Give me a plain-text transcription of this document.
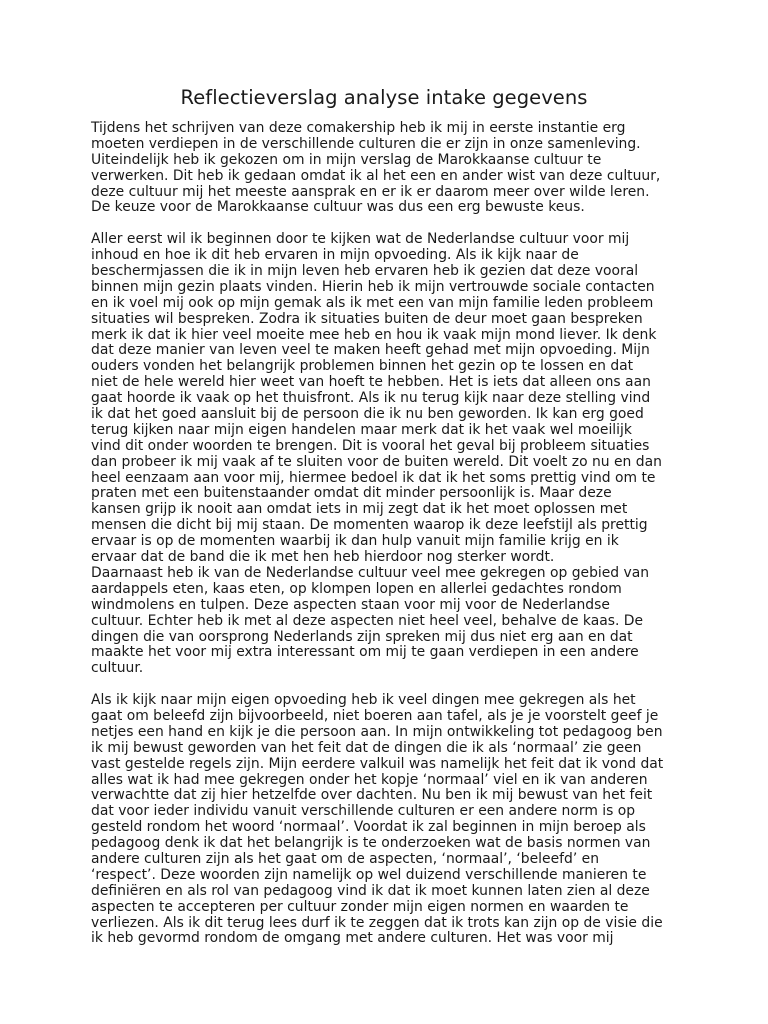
Reflectieverslag analyse intake gegevens

Tijdens het schrijven van deze comakership heb ik mij in eerste instantie erg
moeten verdiepen in de verschillende culturen die er zijn in onze samenleving.
Uiteindelijk heb ik gekozen om in mijn verslag de Marokkaanse cultuur te
verwerken. Dit heb ik gedaan omdat ik al het een en ander wist van deze cultuur,
deze cultuur mij het meeste aansprak en er ik er daarom meer over wilde leren.
De keuze voor de Marokkaanse cultuur was dus een erg bewuste keus.

Aller eerst wil ik beginnen door te kijken wat de Nederlandse cultuur voor mij
inhoud en hoe ik dit heb ervaren in mijn opvoeding. Als ik kijk naar de
beschermjassen die ik in mijn leven heb ervaren heb ik gezien dat deze vooral
binnen mijn gezin plaats vinden. Hierin heb ik mijn vertrouwde sociale contacten
en ik voel mij ook op mijn gemak als ik met een van mijn familie leden probleem
situaties wil bespreken. Zodra ik situaties buiten de deur moet gaan bespreken
merk ik dat ik hier veel moeite mee heb en hou ik vaak mijn mond liever. Ik denk
dat deze manier van leven veel te maken heeft gehad met mijn opvoeding. Mijn
ouders vonden het belangrijk problemen binnen het gezin op te lossen en dat
niet de hele wereld hier weet van hoeft te hebben. Het is iets dat alleen ons aan
gaat hoorde ik vaak op het thuisfront. Als ik nu terug kijk naar deze stelling vind
ik dat het goed aansluit bij de persoon die ik nu ben geworden. Ik kan erg goed
terug kijken naar mijn eigen handelen maar merk dat ik het vaak wel moeilijk
vind dit onder woorden te brengen. Dit is vooral het geval bij probleem situaties
dan probeer ik mij vaak af te sluiten voor de buiten wereld. Dit voelt zo nu en dan
heel eenzaam aan voor mij, hiermee bedoel ik dat ik het soms prettig vind om te
praten met een buitenstaander omdat dit minder persoonlijk is. Maar deze
kansen grijp ik nooit aan omdat iets in mij zegt dat ik het moet oplossen met
mensen die dicht bij mij staan. De momenten waarop ik deze leefstijl als prettig
ervaar is op de momenten waarbij ik dan hulp vanuit mijn familie krijg en ik
ervaar dat de band die ik met hen heb hierdoor nog sterker wordt.

Daarnaast heb ik van de Nederlandse cultuur veel mee gekregen op gebied van
aardappels eten, kaas eten, op klompen lopen en allerlei gedachtes rondom
windmolens en tulpen. Deze aspecten staan voor mij voor de Nederlandse
cultuur. Echter heb ik met al deze aspecten niet heel veel, behalve de kaas. De
dingen die van oorsprong Nederlands zijn spreken mij dus niet erg aan en dat
maakte het voor mij extra interessant om mij te gaan verdiepen in een andere
cultuur.

Als ik kijk naar mijn eigen opvoeding heb ik veel dingen mee gekregen als het
gaat om beleefd zijn bijvoorbeeld, niet boeren aan tafel, als je je voorstelt geef je
netjes een hand en kijk je die persoon aan. In mijn ontwikkeling tot pedagoog ben
ik mij bewust geworden van het feit dat de dingen die ik als ‘normaal’ zie geen
vast gestelde regels zijn. Mijn eerdere valkuil was namelijk het feit dat ik vond dat
alles wat ik had mee gekregen onder het kopje ‘normaal’ viel en ik van anderen
verwachtte dat zij hier hetzelfde over dachten. Nu ben ik mij bewust van het feit
dat voor ieder individu vanuit verschillende culturen er een andere norm is op
gesteld rondom het woord ‘normaal’. Voordat ik zal beginnen in mijn beroep als
pedagoog denk ik dat het belangrijk is te onderzoeken wat de basis normen van
andere culturen zijn als het gaat om de aspecten, ‘normaal’, ‘beleefd’ en
‘respect’. Deze woorden zijn namelijk op wel duizend verschillende manieren te
definiëren en als rol van pedagoog vind ik dat ik moet kunnen laten zien al deze
aspecten te accepteren per cultuur zonder mijn eigen normen en waarden te
verliezen. Als ik dit terug lees durf ik te zeggen dat ik trots kan zijn op de visie die
ik heb gevormd rondom de omgang met andere culturen. Het was voor mij
